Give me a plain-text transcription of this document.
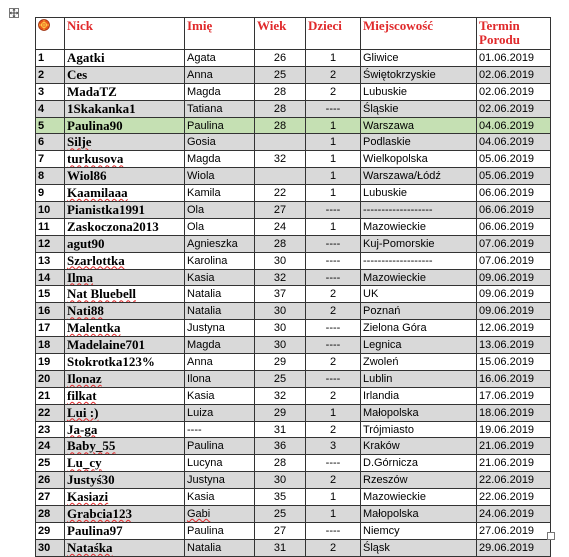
	Nick	Imię	Wiek	Dzieci	Miejscowość	Termin Porodu
1	Agatki	Agata	26	1	Gliwice	01.06.2019
2	Ces	Anna	25	2	Świętokrzyskie	02.06.2019
3	MadaTZ	Magda	28	2	Lubuskie	02.06.2019
4	1Skakanka1	Tatiana	28	----	Śląskie	02.06.2019
5	Paulina90	Paulina	28	1	Warszawa	04.06.2019
6	Silje	Gosia		1	Podlaskie	04.06.2019
7	turkusova	Magda	32	1	Wielkopolska	05.06.2019
8	Wiol86	Wiola		1	Warszawa/Łódź	05.06.2019
9	Kaamilaaa	Kamila	22	1	Lubuskie	06.06.2019
10	Pianistka1991	Ola	27	----	-------------------	06.06.2019
11	Zaskoczona2013	Ola	24	1	Mazowieckie	06.06.2019
12	agut90	Agnieszka	28	----	Kuj-Pomorskie	07.06.2019
13	Szarlottka	Karolina	30	----	-------------------	07.06.2019
14	Ilma	Kasia	32	----	Mazowieckie	09.06.2019
15	Nat Bluebell	Natalia	37	2	UK	09.06.2019
16	Nati88	Natalia	30	2	Poznań	09.06.2019
17	Malentka	Justyna	30	----	Zielona Góra	12.06.2019
18	Madelaine701	Magda	30	----	Legnica	13.06.2019
19	Stokrotka123%	Anna	29	2	Zwoleń	15.06.2019
20	Ilonaz	Ilona	25	----	Lublin	16.06.2019
21	filkat	Kasia	32	2	Irlandia	17.06.2019
22	Lui :)	Luiza	29	1	Małopolska	18.06.2019
23	Ja-ga	----	31	2	Trójmiasto	19.06.2019
24	Baby_55	Paulina	36	3	Kraków	21.06.2019
25	Lu_cy	Lucyna	28	----	D.Górnicza	21.06.2019
26	Justyś30	Justyna	30	2	Rzeszów	22.06.2019
27	Kasiazi	Kasia	35	1	Mazowieckie	22.06.2019
28	Grabcia123	Gabi	25	1	Małopolska	24.06.2019
29	Paulina97	Paulina	27	----	Niemcy	27.06.2019
30	Nataśka	Natalia	31	2	Śląsk	29.06.2019
